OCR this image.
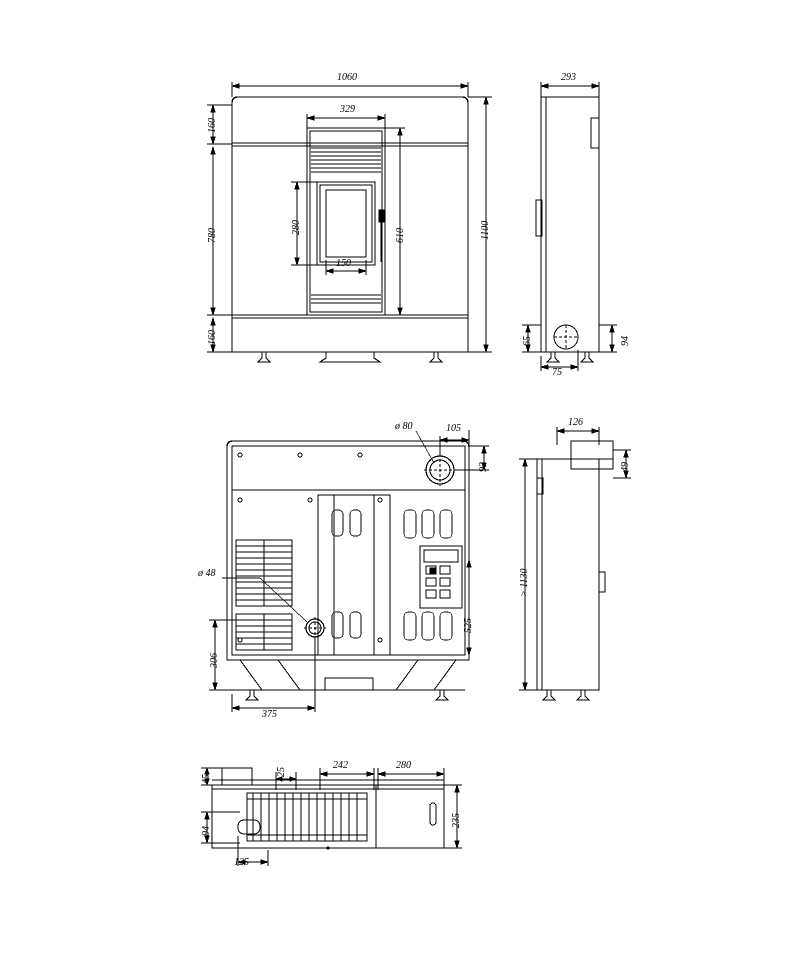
1060	293
329
160
780
160
280
610	1100
150
65	94
75
ø 80	105
93
ø 48
525
306
375
126
49
> 1130
45
94
25
242	280
235
125
